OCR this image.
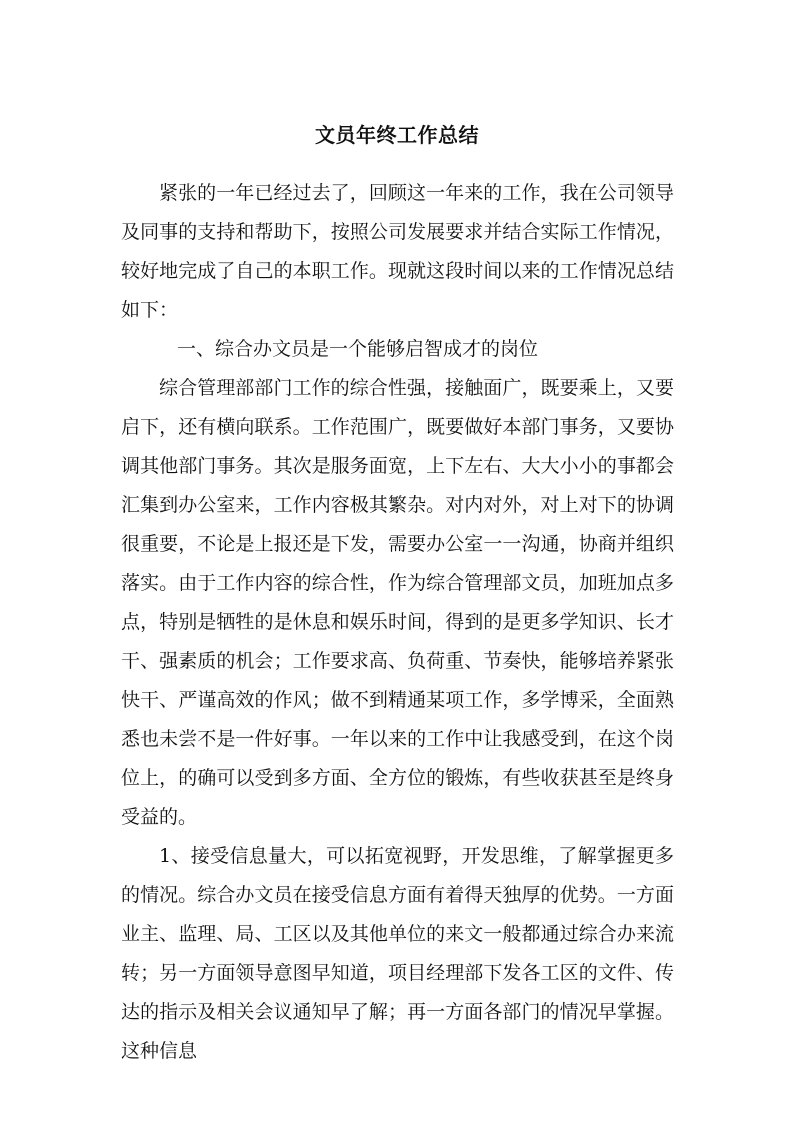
文员年终工作总结

紧张的一年已经过去了，回顾这一年来的工作，我在公司领导及同事的支持和帮助下，按照公司发展要求并结合实际工作情况，较好地完成了自己的本职工作。现就这段时间以来的工作情况总结如下：

一、综合办文员是一个能够启智成才的岗位

综合管理部部门工作的综合性强，接触面广，既要乘上，又要启下，还有横向联系。工作范围广，既要做好本部门事务，又要协调其他部门事务。其次是服务面宽，上下左右、大大小小的事都会汇集到办公室来，工作内容极其繁杂。对内对外，对上对下的协调很重要，不论是上报还是下发，需要办公室一一沟通，协商并组织落实。由于工作内容的综合性，作为综合管理部文员，加班加点多点，特别是牺牲的是休息和娱乐时间，得到的是更多学知识、长才干、强素质的机会；工作要求高、负荷重、节奏快，能够培养紧张快干、严谨高效的作风；做不到精通某项工作，多学博采，全面熟悉也未尝不是一件好事。一年以来的工作中让我感受到，在这个岗位上，的确可以受到多方面、全方位的锻炼，有些收获甚至是终身受益的。

1、接受信息量大，可以拓宽视野，开发思维，了解掌握更多的情况。综合办文员在接受信息方面有着得天独厚的优势。一方面业主、监理、局、工区以及其他单位的来文一般都通过综合办来流转；另一方面领导意图早知道，项目经理部下发各工区的文件、传达的指示及相关会议通知早了解；再一方面各部门的情况早掌握。这种信息
